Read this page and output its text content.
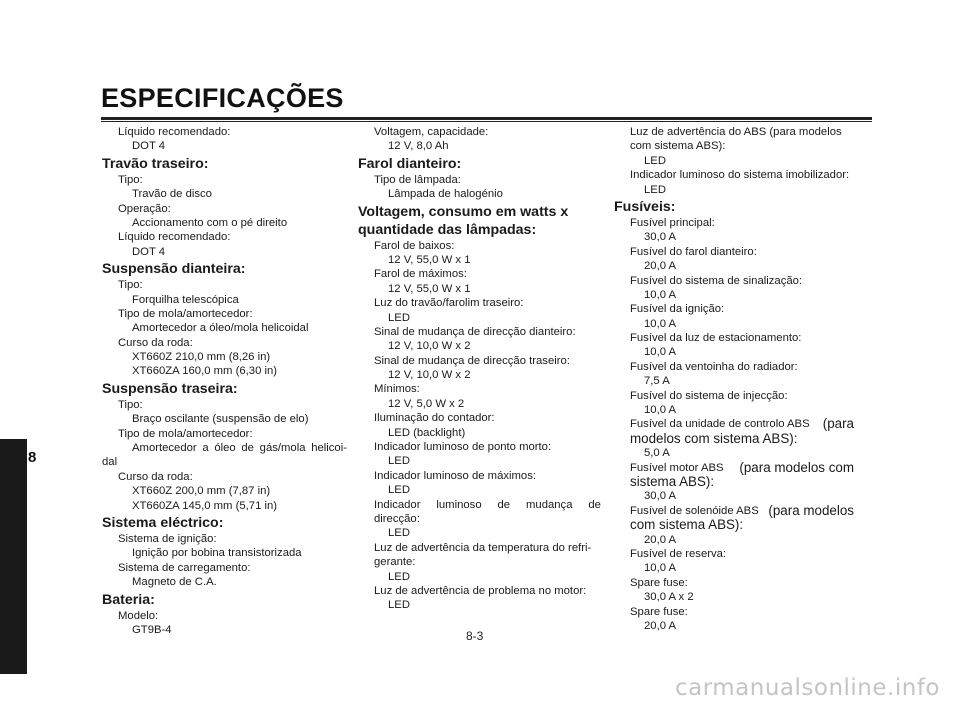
ESPECIFICAÇÕES
8
Líquido recomendado:
DOT 4
Travão traseiro:
Tipo:
Travão de disco
Operação:
Accionamento com o pé direito
Líquido recomendado:
DOT 4
Suspensão dianteira:
Tipo:
Forquilha telescópica
Tipo de mola/amortecedor:
Amortecedor a óleo/mola helicoidal
Curso da roda:
XT660Z 210,0 mm (8,26 in)
XT660ZA 160,0 mm (6,30 in)
Suspensão traseira:
Tipo:
Braço oscilante (suspensão de elo)
Tipo de mola/amortecedor:
Amortecedor a óleo de gás/mola helicoi-
dal
Curso da roda:
XT660Z 200,0 mm (7,87 in)
XT660ZA 145,0 mm (5,71 in)
Sistema eléctrico:
Sistema de ignição:
Ignição por bobina transistorizada
Sistema de carregamento:
Magneto de C.A.
Bateria:
Modelo:
GT9B-4
Voltagem, capacidade:
12 V, 8,0 Ah
Farol dianteiro:
Tipo de lâmpada:
Lâmpada de halogénio
Voltagem, consumo em watts x
quantidade das lâmpadas:
Farol de baixos:
12 V, 55,0 W x 1
Farol de máximos:
12 V, 55,0 W x 1
Luz do travão/farolim traseiro:
LED
Sinal de mudança de direcção dianteiro:
12 V, 10,0 W x 2
Sinal de mudança de direcção traseiro:
12 V, 10,0 W x 2
Mínimos:
12 V, 5,0 W x 2
Iluminação do contador:
LED (backlight)
Indicador luminoso de ponto morto:
LED
Indicador luminoso de máximos:
LED
Indicador luminoso de mudança de
direcção:
LED
Luz de advertência da temperatura do refri-
gerante:
LED
Luz de advertência de problema no motor:
LED
Luz de advertência do ABS (para modelos
com sistema ABS):
LED
Indicador luminoso do sistema imobilizador:
LED
Fusíveis:
Fusível principal:
30,0 A
Fusível do farol dianteiro:
20,0 A
Fusível do sistema de sinalização:
10,0 A
Fusível da ignição:
10,0 A
Fusível da luz de estacionamento:
10,0 A
Fusível da ventoinha do radiador:
7,5 A
Fusível do sistema de injecção:
10,0 A
Fusível da unidade de controlo ABS (para
modelos com sistema ABS):
5,0 A
Fusível motor ABS (para modelos com
sistema ABS):
30,0 A
Fusível de solenóide ABS (para modelos
com sistema ABS):
20,0 A
Fusível de reserva:
10,0 A
Spare fuse:
30,0 A x 2
Spare fuse:
20,0 A
8-3
carmanualsonline.info
